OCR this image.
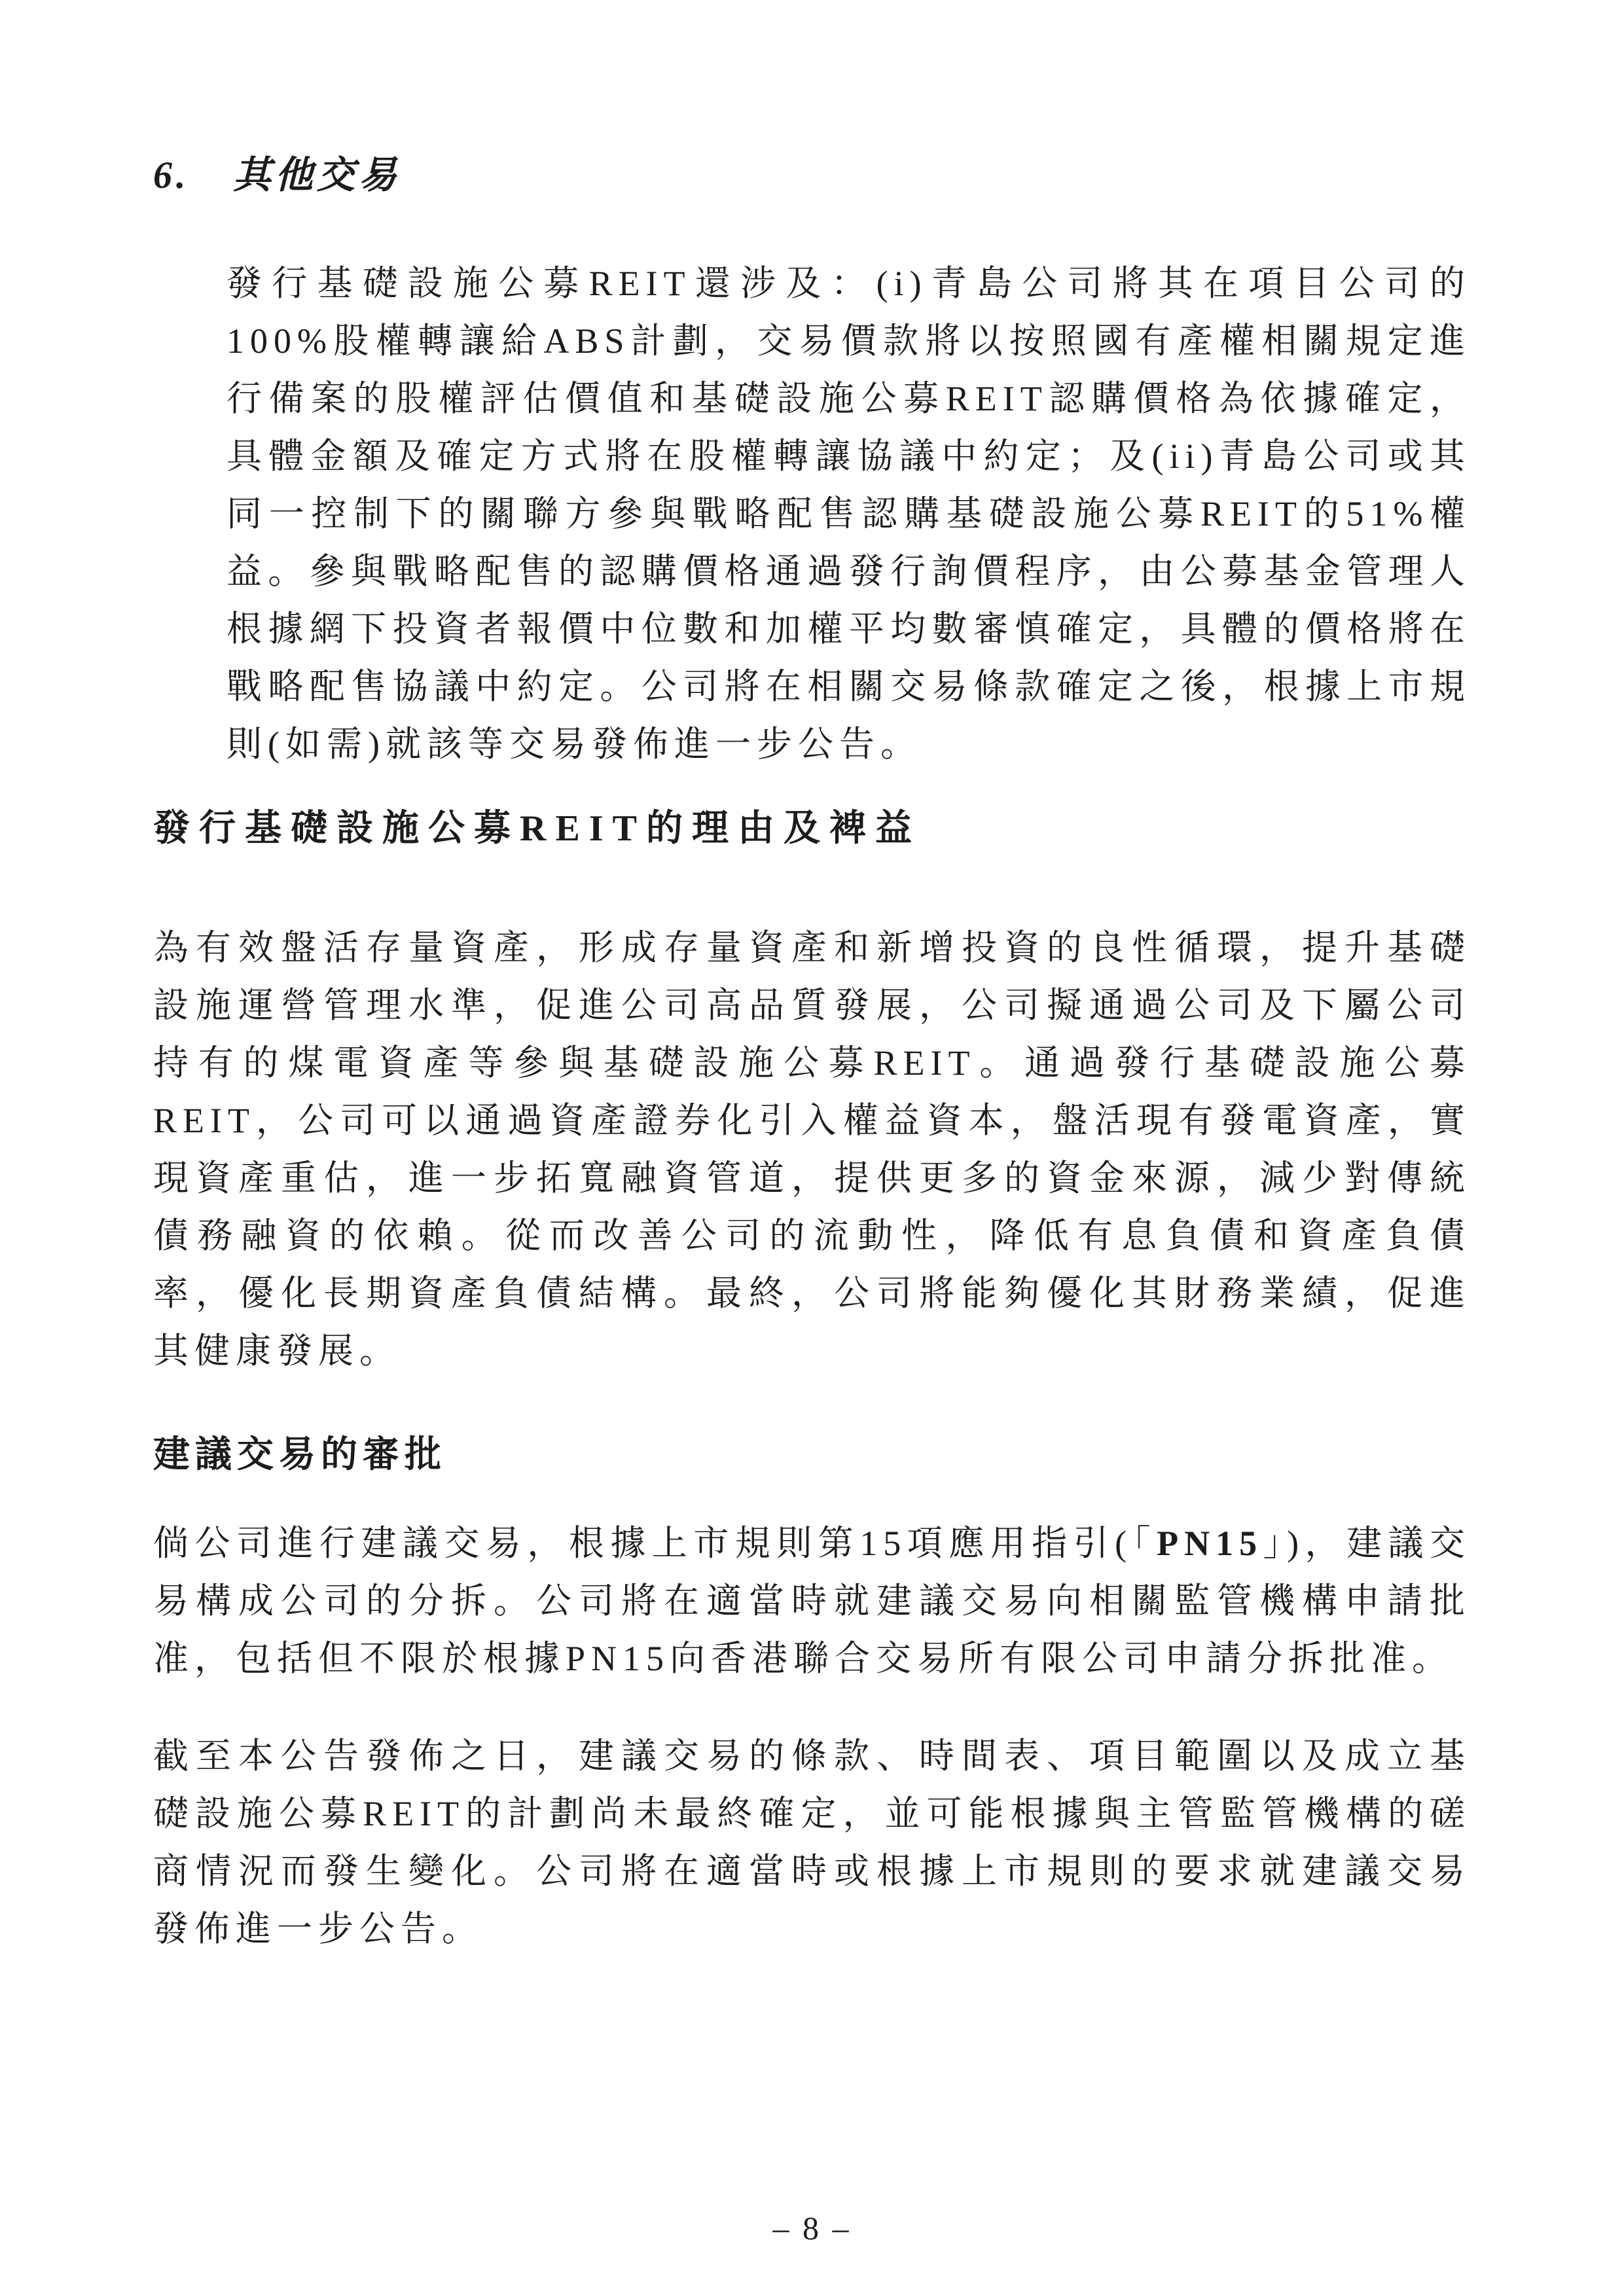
6.	其他交易

發行基礎設施公募REIT還涉及：(i)青島公司將其在項目公司的100%股權轉讓給ABS計劃，交易價款將以按照國有產權相關規定進行備案的股權評估價值和基礎設施公募REIT認購價格為依據確定，具體金額及確定方式將在股權轉讓協議中約定；及(ii)青島公司或其同一控制下的關聯方參與戰略配售認購基礎設施公募REIT的51%權益。參與戰略配售的認購價格通過發行詢價程序，由公募基金管理人根據網下投資者報價中位數和加權平均數審慎確定，具體的價格將在戰略配售協議中約定。公司將在相關交易條款確定之後，根據上市規則(如需)就該等交易發佈進一步公告。

發行基礎設施公募REIT的理由及裨益

為有效盤活存量資產，形成存量資產和新增投資的良性循環，提升基礎設施運營管理水準，促進公司高品質發展，公司擬通過公司及下屬公司持有的煤電資產等參與基礎設施公募REIT。通過發行基礎設施公募REIT，公司可以通過資產證券化引入權益資本，盤活現有發電資產，實現資產重估，進一步拓寬融資管道，提供更多的資金來源，減少對傳統債務融資的依賴。從而改善公司的流動性，降低有息負債和資產負債率，優化長期資產負債結構。最終，公司將能夠優化其財務業績，促進其健康發展。

建議交易的審批

倘公司進行建議交易，根據上市規則第15項應用指引(「PN15」)，建議交易構成公司的分拆。公司將在適當時就建議交易向相關監管機構申請批准，包括但不限於根據PN15向香港聯合交易所有限公司申請分拆批准。

截至本公告發佈之日，建議交易的條款、時間表、項目範圍以及成立基礎設施公募REIT的計劃尚未最終確定，並可能根據與主管監管機構的磋商情況而發生變化。公司將在適當時或根據上市規則的要求就建議交易發佈進一步公告。

– 8 –
